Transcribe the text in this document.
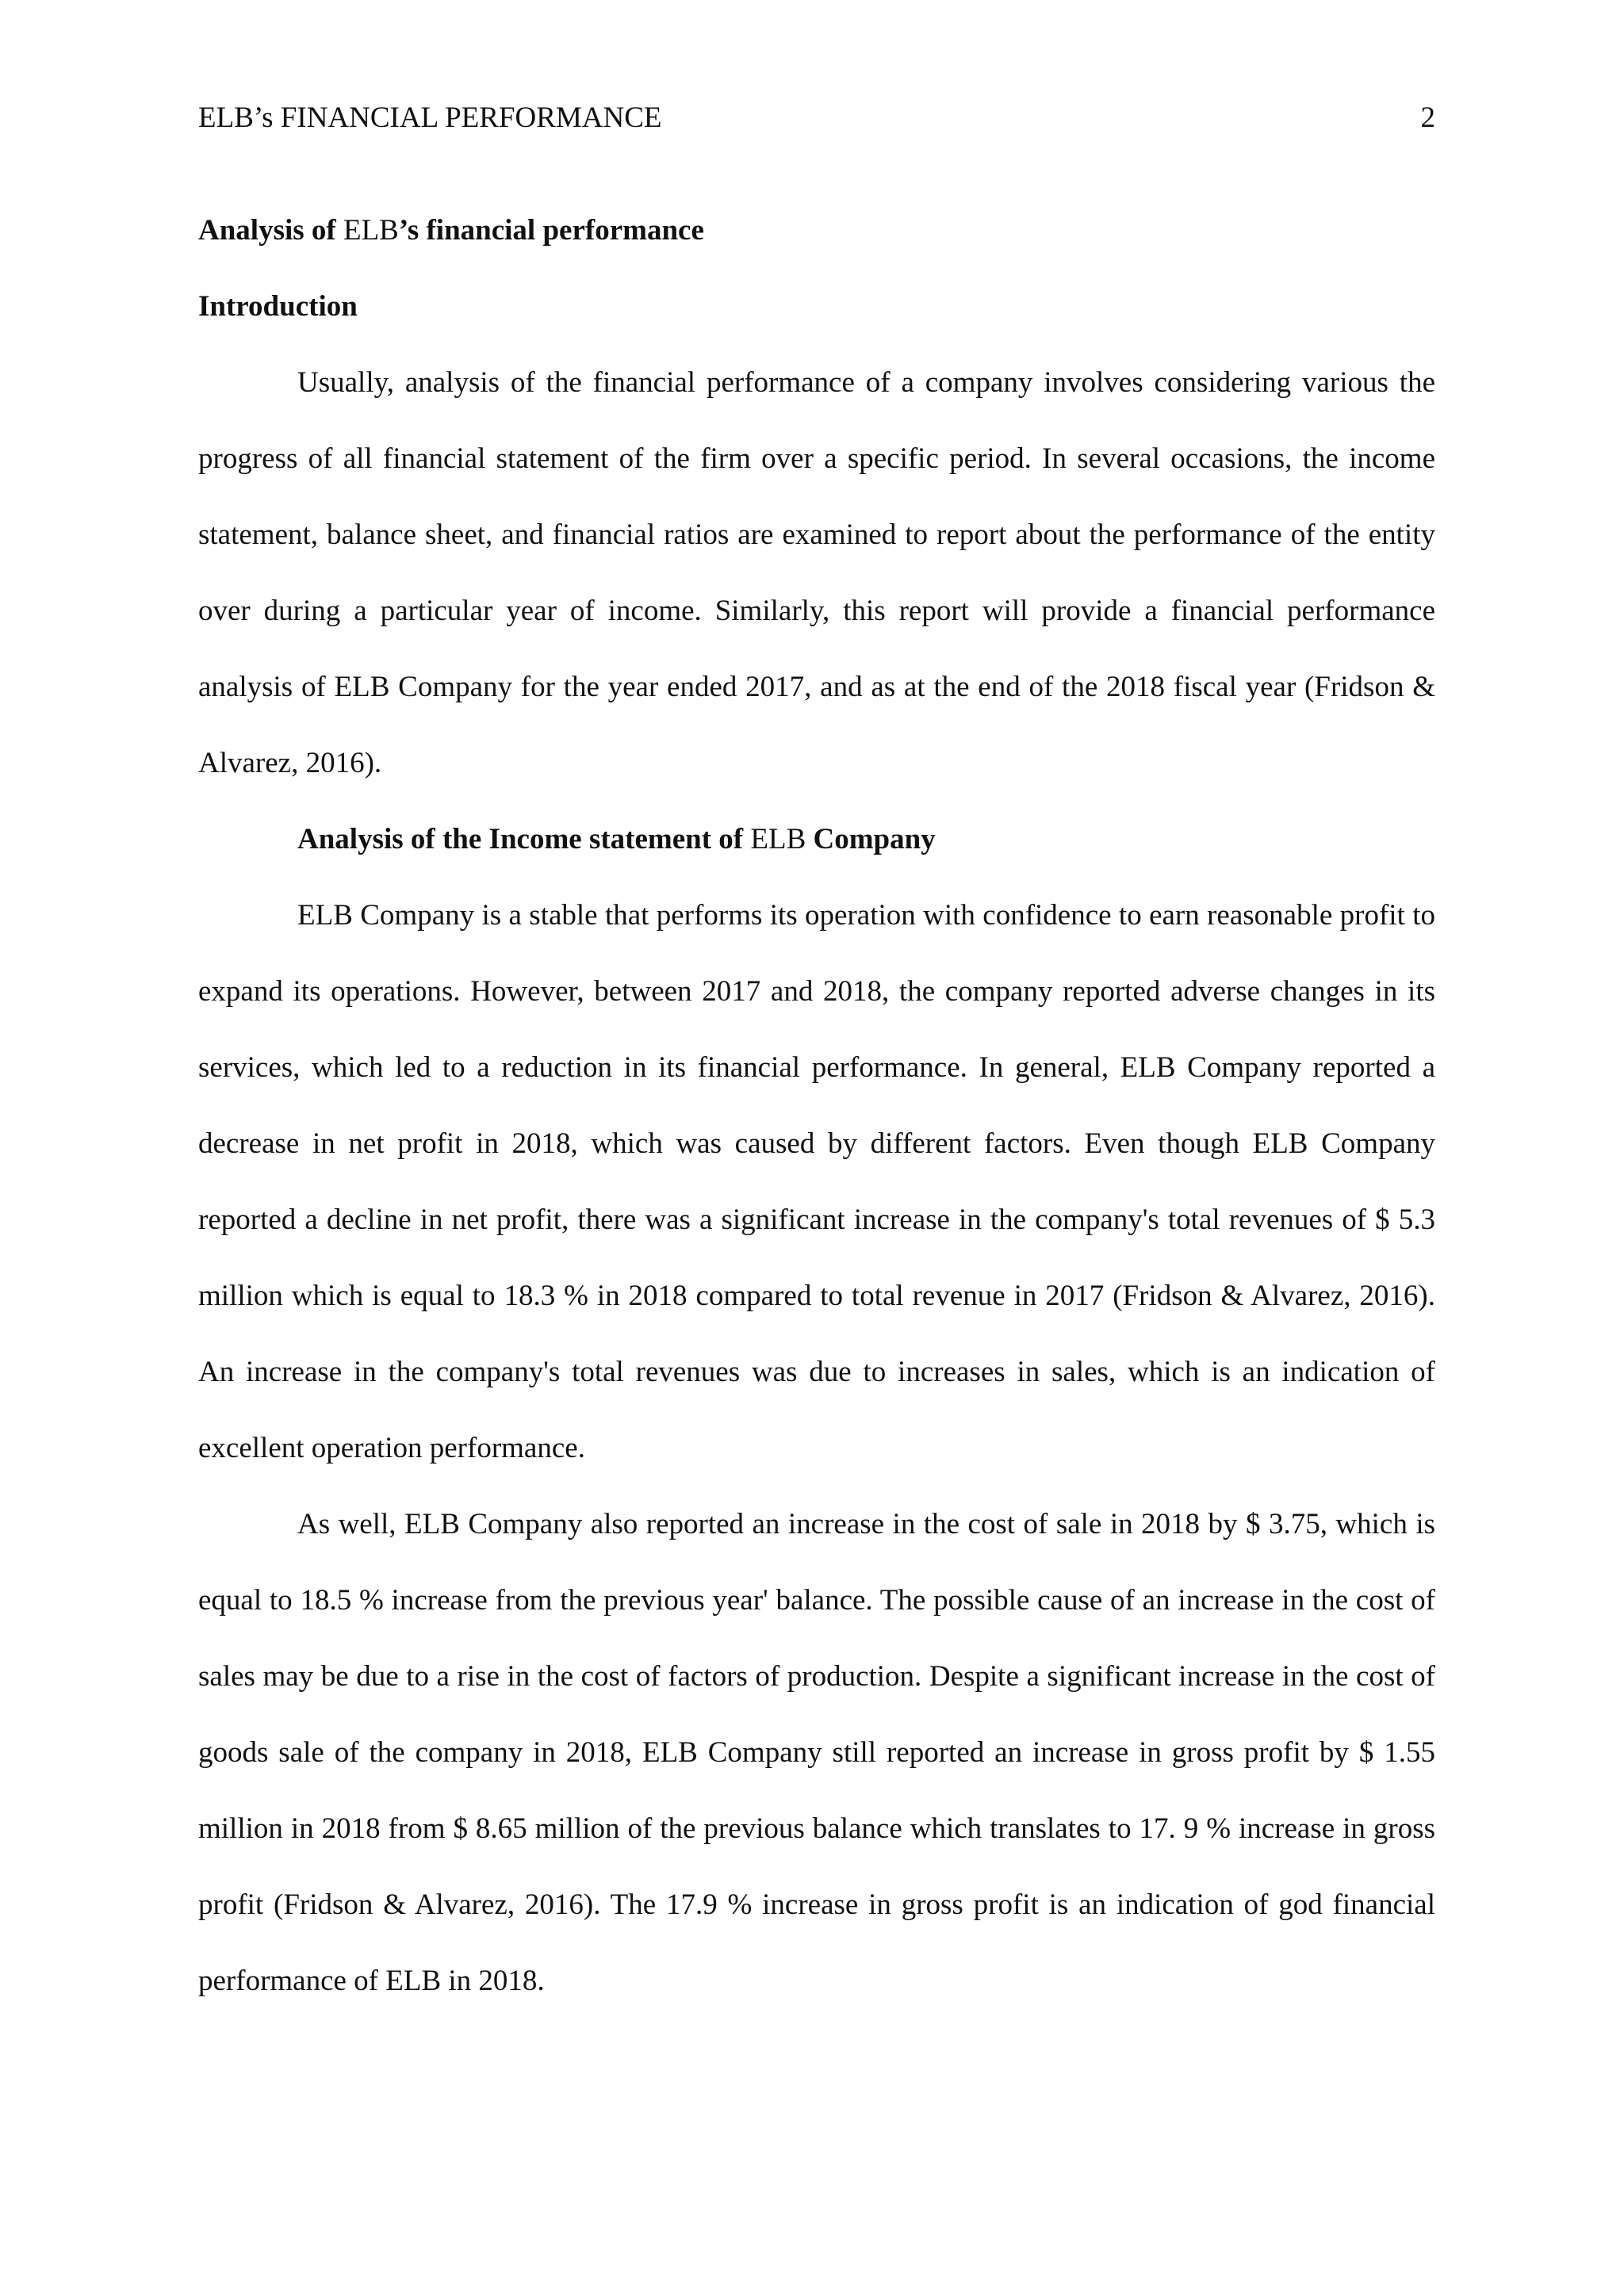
ELB’s FINANCIAL PERFORMANCE	2
Analysis of ELB’s financial performance
Introduction

Usually, analysis of the financial performance of a company involves considering various the progress of all financial statement of the firm over a specific period. In several occasions, the income statement, balance sheet, and financial ratios are examined to report about the performance of the entity over during a particular year of income. Similarly, this report will provide a financial performance analysis of ELB Company for the year ended 2017, and as at the end of the 2018 fiscal year (Fridson & Alvarez, 2016).

Analysis of the Income statement of ELB Company

ELB Company is a stable that performs its operation with confidence to earn reasonable profit to expand its operations. However, between 2017 and 2018, the company reported adverse changes in its services, which led to a reduction in its financial performance. In general, ELB Company reported a decrease in net profit in 2018, which was caused by different factors. Even though ELB Company reported a decline in net profit, there was a significant increase in the company's total revenues of $ 5.3 million which is equal to 18.3 % in 2018 compared to total revenue in 2017 (Fridson & Alvarez, 2016). An increase in the company's total revenues was due to increases in sales, which is an indication of excellent operation performance.

As well, ELB Company also reported an increase in the cost of sale in 2018 by $ 3.75, which is equal to 18.5 % increase from the previous year' balance. The possible cause of an increase in the cost of sales may be due to a rise in the cost of factors of production. Despite a significant increase in the cost of goods sale of the company in 2018, ELB Company still reported an increase in gross profit by $ 1.55 million in 2018 from $ 8.65 million of the previous balance which translates to 17. 9 % increase in gross profit (Fridson & Alvarez, 2016). The 17.9 % increase in gross profit is an indication of god financial performance of ELB in 2018.
